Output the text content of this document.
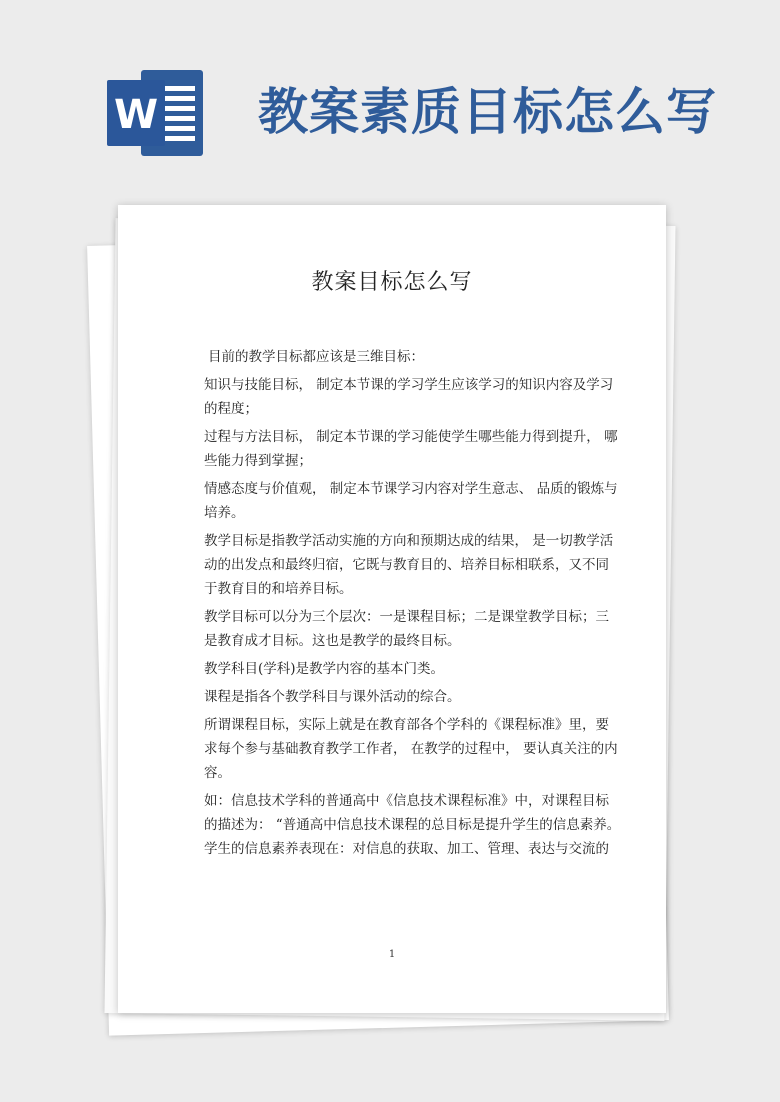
W 教案素质目标怎么写
教案目标怎么写
目前的教学目标都应该是三维目标：
知识与技能目标， 制定本节课的学习学生应该学习的知识内容及学习
的程度；
过程与方法目标， 制定本节课的学习能使学生哪些能力得到提升， 哪
些能力得到掌握；
情感态度与价值观， 制定本节课学习内容对学生意志、 品质的锻炼与
培养。
教学目标是指教学活动实施的方向和预期达成的结果， 是一切教学活
动的出发点和最终归宿，它既与教育目的、培养目标相联系，又不同
于教育目的和培养目标。
教学目标可以分为三个层次：一是课程目标；二是课堂教学目标；三
是教育成才目标。这也是教学的最终目标。
教学科目(学科)是教学内容的基本门类。
课程是指各个教学科目与课外活动的综合。
所谓课程目标，实际上就是在教育部各个学科的《课程标准》里，要
求每个参与基础教育教学工作者， 在教学的过程中， 要认真关注的内
容。
如：信息技术学科的普通高中《信息技术课程标准》中，对课程目标
的描述为： “普通高中信息技术课程的总目标是提升学生的信息素养。
学生的信息素养表现在：对信息的获取、加工、管理、表达与交流的
1
